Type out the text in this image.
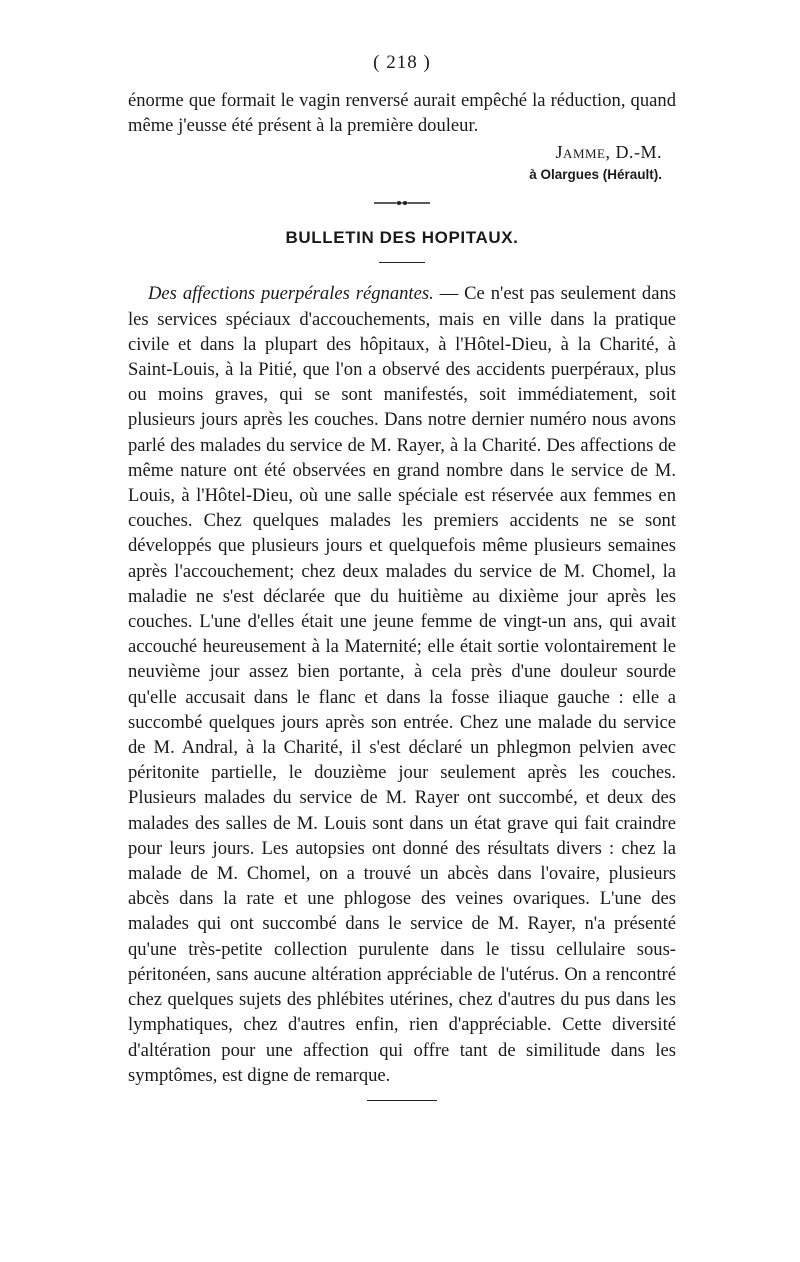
( 218 )

énorme que formait le vagin renversé aurait empêché la réduction, quand même j'eusse été présent à la première douleur.

Jamme, D.-M.
à Olargues (Hérault).
BULLETIN DES HOPITAUX.

Des affections puerpérales régnantes. — Ce n'est pas seulement dans les services spéciaux d'accouchements, mais en ville dans la pratique civile et dans la plupart des hôpitaux, à l'Hôtel-Dieu, à la Charité, à Saint-Louis, à la Pitié, que l'on a observé des accidents puerpéraux, plus ou moins graves, qui se sont manifestés, soit immédiatement, soit plusieurs jours après les couches. Dans notre dernier numéro nous avons parlé des malades du service de M. Rayer, à la Charité. Des affections de même nature ont été observées en grand nombre dans le service de M. Louis, à l'Hôtel-Dieu, où une salle spéciale est réservée aux femmes en couches. Chez quelques malades les premiers accidents ne se sont développés que plusieurs jours et quelquefois même plusieurs semaines après l'accouchement; chez deux malades du service de M. Chomel, la maladie ne s'est déclarée que du huitième au dixième jour après les couches. L'une d'elles était une jeune femme de vingt-un ans, qui avait accouché heureusement à la Maternité; elle était sortie volontairement le neuvième jour assez bien portante, à cela près d'une douleur sourde qu'elle accusait dans le flanc et dans la fosse iliaque gauche : elle a succombé quelques jours après son entrée. Chez une malade du service de M. Andral, à la Charité, il s'est déclaré un phlegmon pelvien avec péritonite partielle, le douzième jour seulement après les couches. Plusieurs malades du service de M. Rayer ont succombé, et deux des malades des salles de M. Louis sont dans un état grave qui fait craindre pour leurs jours. Les autopsies ont donné des résultats divers : chez la malade de M. Chomel, on a trouvé un abcès dans l'ovaire, plusieurs abcès dans la rate et une phlogose des veines ovariques. L'une des malades qui ont succombé dans le service de M. Rayer, n'a présenté qu'une très-petite collection purulente dans le tissu cellulaire sous-péritonéen, sans aucune altération appréciable de l'utérus. On a rencontré chez quelques sujets des phlébites utérines, chez d'autres du pus dans les lymphatiques, chez d'autres enfin, rien d'appréciable. Cette diversité d'altération pour une affection qui offre tant de similitude dans les symptômes, est digne de remarque.
